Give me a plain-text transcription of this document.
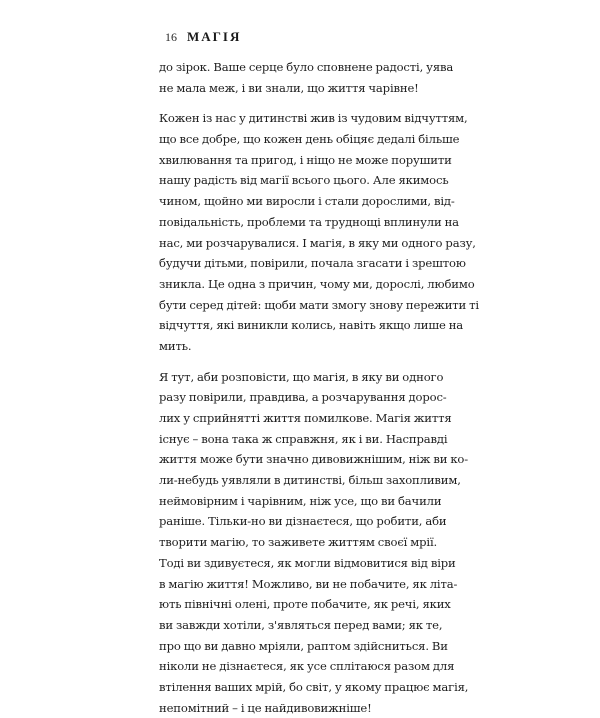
16 МАГІЯ
до зірок. Ваше серце було сповнене радості, уява
не мала меж, і ви знали, що життя чарівне!
Кожен із нас у дитинстві жив із чудовим відчуттям,
що все добре, що кожен день обіцяє дедалі більше
хвилювання та пригод, і ніщо не може порушити
нашу радість від магії всього цього. Але якимось
чином, щойно ми виросли і стали дорослими, від-
повідальність, проблеми та труднощі вплинули на
нас, ми розчарувалися. І магія, в яку ми одного разу,
будучи дітьми, повірили, почала згасати і зрештою
зникла. Це одна з причин, чому ми, дорослі, любимо
бути серед дітей: щоби мати змогу знову пережити ті
відчуття, які виникли колись, навіть якщо лише на
мить.
Я тут, аби розповісти, що магія, в яку ви одного
разу повірили, правдива, а розчарування дорос-
лих у сприйнятті життя помилкове. Магія життя
існує – вона така ж справжня, як і ви. Насправді
життя може бути значно дивовижнішим, ніж ви ко-
ли-небудь уявляли в дитинстві, більш захопливим,
неймовірним і чарівним, ніж усе, що ви бачили
раніше. Тільки-но ви дізнаєтеся, що робити, аби
творити магію, то заживете життям своєї мрії.
Тоді ви здивуєтеся, як могли відмовитися від віри
в магію життя! Можливо, ви не побачите, як літа-
ють північні олені, проте побачите, як речі, яких
ви завжди хотіли, з'являться перед вами; як те,
про що ви давно мріяли, раптом здійсниться. Ви
ніколи не дізнаєтеся, як усе сплітаюся разом для
втілення ваших мрій, бо світ, у якому працює магія,
непомітний – і це найдивовижніше!
